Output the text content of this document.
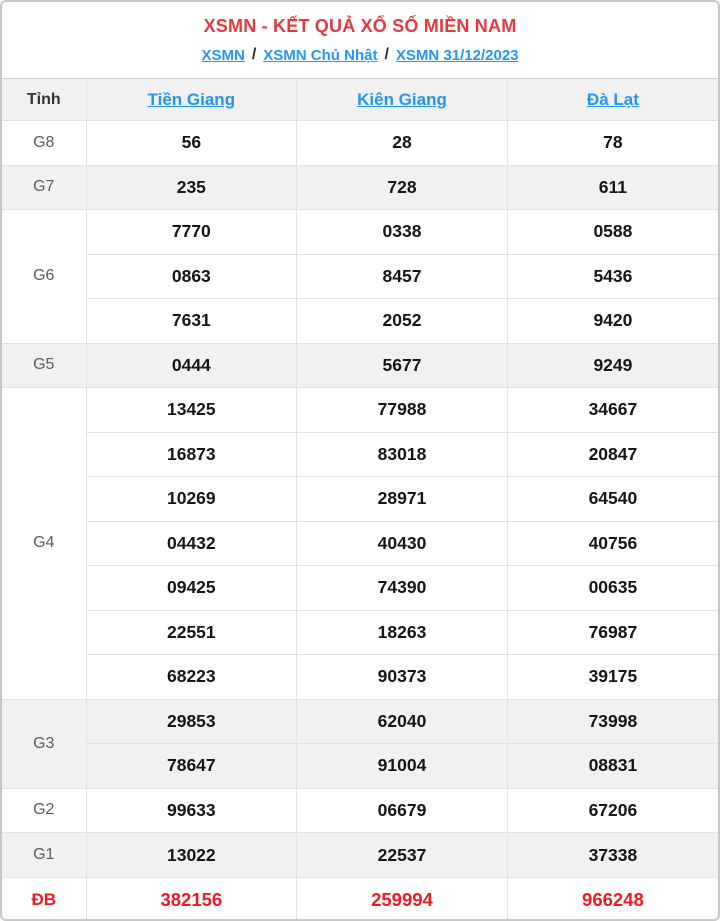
XSMN - KẾT QUẢ XỔ SỐ MIỀN NAM
XSMN / XSMN Chủ Nhật / XSMN 31/12/2023
Tỉnh	Tiền Giang	Kiên Giang	Đà Lạt
G8	56	28	78
G7	235	728	611
G6	7770	0338	0588
	0863	8457	5436
	7631	2052	9420
G5	0444	5677	9249
G4	13425	77988	34667
	16873	83018	20847
	10269	28971	64540
	04432	40430	40756
	09425	74390	00635
	22551	18263	76987
	68223	90373	39175
G3	29853	62040	73998
	78647	91004	08831
G2	99633	06679	67206
G1	13022	22537	37338
ĐB	382156	259994	966248
